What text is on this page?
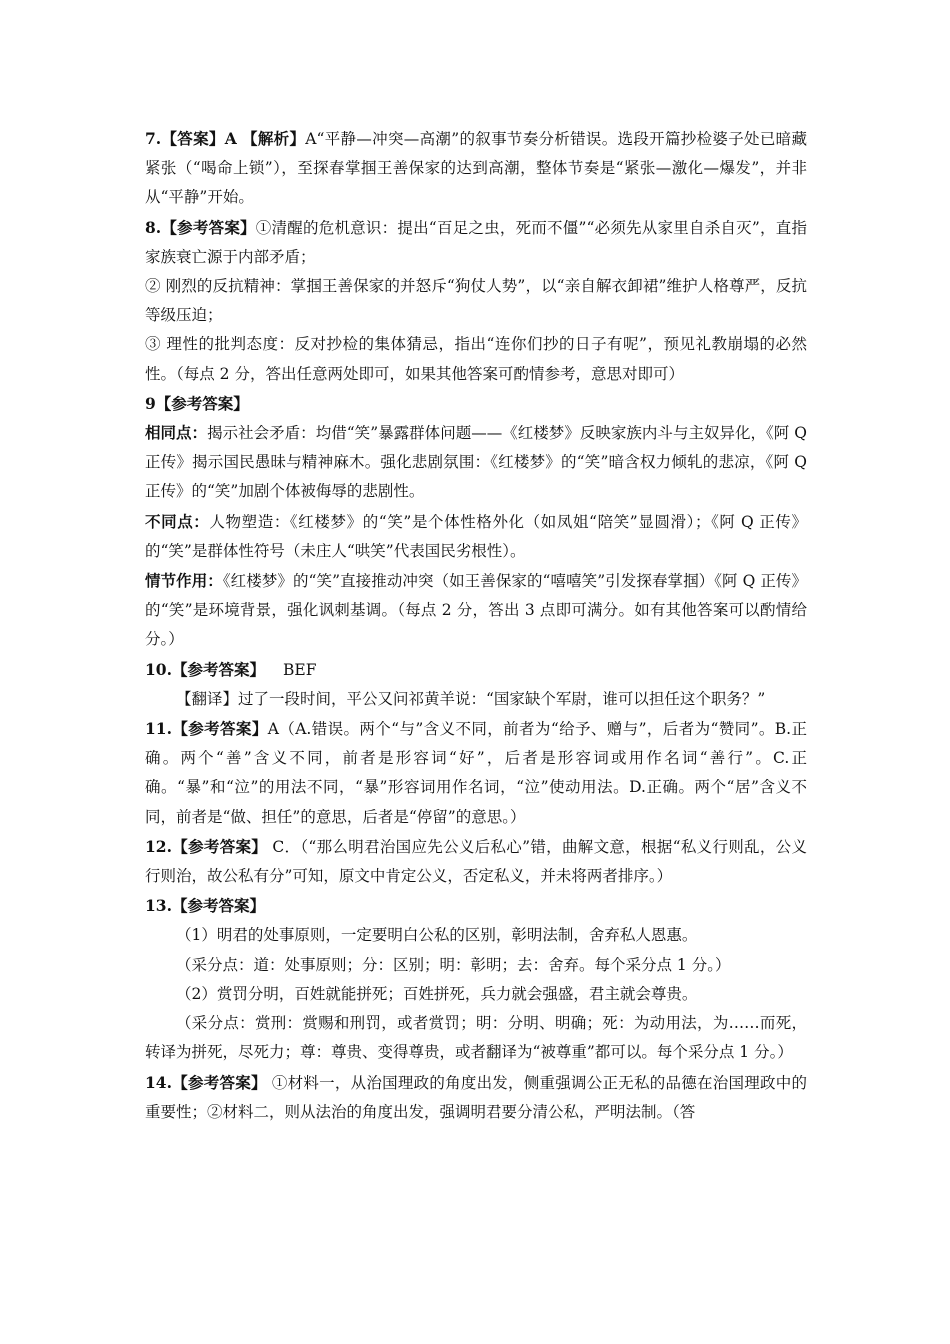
7.【答案】A 【解析】A“平静—冲突—高潮”的叙事节奏分析错误。选段开篇抄检婆子处已暗藏紧张（“喝命上锁”），至探春掌掴王善保家的达到高潮，整体节奏是“紧张—激化—爆发”，并非从“平静”开始。

8.【参考答案】①清醒的危机意识：提出“百足之虫，死而不僵”“必须先从家里自杀自灭”，直指家族衰亡源于内部矛盾；

② 刚烈的反抗精神：掌掴王善保家的并怒斥“狗仗人势”，以“亲自解衣卸裙”维护人格尊严，反抗等级压迫；

③ 理性的批判态度：反对抄检的集体猜忌，指出“连你们抄的日子有呢”，预见礼教崩塌的必然性。（每点 2 分，答出任意两处即可，如果其他答案可酌情参考，意思对即可）

9【参考答案】

相同点：揭示社会矛盾：均借“笑”暴露群体问题——《红楼梦》反映家族内斗与主奴异化，《阿 Q 正传》揭示国民愚昧与精神麻木。强化悲剧氛围：《红楼梦》的“笑”暗含权力倾轧的悲凉，《阿 Q 正传》的“笑”加剧个体被侮辱的悲剧性。

不同点：人物塑造：《红楼梦》的“笑”是个体性格外化（如凤姐“陪笑”显圆滑）；《阿 Q 正传》的“笑”是群体性符号（未庄人“哄笑”代表国民劣根性）。

情节作用：《红楼梦》的“笑”直接推动冲突（如王善保家的“嘻嘻笑”引发探春掌掴）《阿 Q 正传》的“笑”是环境背景，强化讽刺基调。（每点 2 分，答出 3 点即可满分。如有其他答案可以酌情给分。）

10.【参考答案】 BEF

【翻译】过了一段时间，平公又问祁黄羊说：“国家缺个军尉，谁可以担任这个职务？”

11.【参考答案】A（A.错误。两个“与”含义不同，前者为“给予、赠与”，后者为“赞同”。B.正确。两个“善”含义不同，前者是形容词“好”，后者是形容词或用作名词“善行”。C.正确。“暴”和“泣”的用法不同，“暴”形容词用作名词，“泣”使动用法。D.正确。两个“居”含义不同，前者是“做、担任”的意思，后者是“停留”的意思。）

12.【参考答案】 C．（“那么明君治国应先公义后私心”错，曲解文意，根据“私义行则乱，公义行则治，故公私有分”可知，原文中肯定公义，否定私义，并未将两者排序。）

13.【参考答案】

（1）明君的处事原则，一定要明白公私的区别，彰明法制，舍弃私人恩惠。

（采分点：道：处事原则；分：区别；明：彰明；去：舍弃。每个采分点 1 分。）

（2）赏罚分明，百姓就能拼死；百姓拼死，兵力就会强盛，君主就会尊贵。

（采分点：赏刑：赏赐和刑罚，或者赏罚；明：分明、明确；死：为动用法，为……而死，转译为拼死，尽死力；尊：尊贵、变得尊贵，或者翻译为“被尊重”都可以。每个采分点 1 分。）

14.【参考答案】 ①材料一，从治国理政的角度出发，侧重强调公正无私的品德在治国理政中的重要性；②材料二，则从法治的角度出发，强调明君要分清公私，严明法制。（答
